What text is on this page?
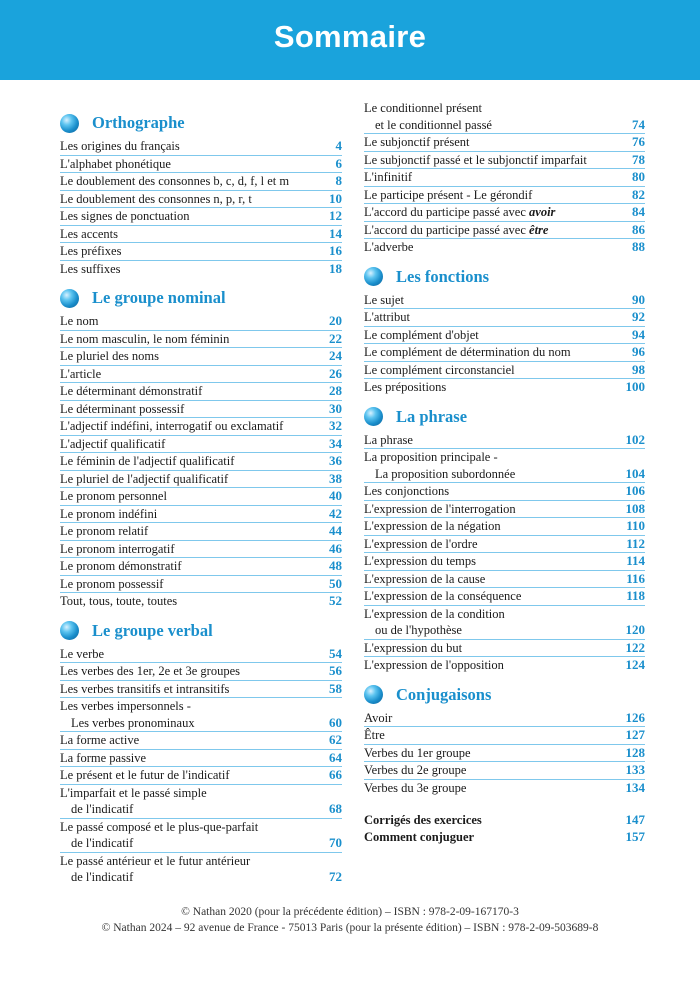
Sommaire
Orthographe
Les origines du français	4
L'alphabet phonétique	6
Le doublement des consonnes b, c, d, f, l et m	8
Le doublement des consonnes n, p, r, t	10
Les signes de ponctuation	12
Les accents	14
Les préfixes	16
Les suffixes	18
Le groupe nominal
Le nom	20
Le nom masculin, le nom féminin	22
Le pluriel des noms	24
L'article	26
Le déterminant démonstratif	28
Le déterminant possessif	30
L'adjectif indéfini, interrogatif ou exclamatif	32
L'adjectif qualificatif	34
Le féminin de l'adjectif qualificatif	36
Le pluriel de l'adjectif qualificatif	38
Le pronom personnel	40
Le pronom indéfini	42
Le pronom relatif	44
Le pronom interrogatif	46
Le pronom démonstratif	48
Le pronom possessif	50
Tout, tous, toute, toutes	52
Le groupe verbal
Le verbe	54
Les verbes des 1er, 2e et 3e groupes	56
Les verbes transitifs et intransitifs	58
Les verbes impersonnels -
Les verbes pronominaux	60
La forme active	62
La forme passive	64
Le présent et le futur de l'indicatif	66
L'imparfait et le passé simple
de l'indicatif	68
Le passé composé et le plus-que-parfait
de l'indicatif	70
Le passé antérieur et le futur antérieur
de l'indicatif	72
Le conditionnel présent
et le conditionnel passé	74
Le subjonctif présent	76
Le subjonctif passé et le subjonctif imparfait	78
L'infinitif	80
Le participe présent - Le gérondif	82
L'accord du participe passé avec avoir	84
L'accord du participe passé avec être	86
L'adverbe	88
Les fonctions
Le sujet	90
L'attribut	92
Le complément d'objet	94
Le complément de détermination du nom	96
Le complément circonstanciel	98
Les prépositions	100
La phrase
La phrase	102
La proposition principale -
La proposition subordonnée	104
Les conjonctions	106
L'expression de l'interrogation	108
L'expression de la négation	110
L'expression de l'ordre	112
L'expression du temps	114
L'expression de la cause	116
L'expression de la conséquence	118
L'expression de la condition
ou de l'hypothèse	120
L'expression du but	122
L'expression de l'opposition	124
Conjugaisons
Avoir	126
Être	127
Verbes du 1er groupe	128
Verbes du 2e groupe	133
Verbes du 3e groupe	134
Corrigés des exercices	147
Comment conjuguer	157
© Nathan 2020 (pour la précédente édition) – ISBN : 978-2-09-167170-3
© Nathan 2024 – 92 avenue de France - 75013 Paris (pour la présente édition) – ISBN : 978-2-09-503689-8
